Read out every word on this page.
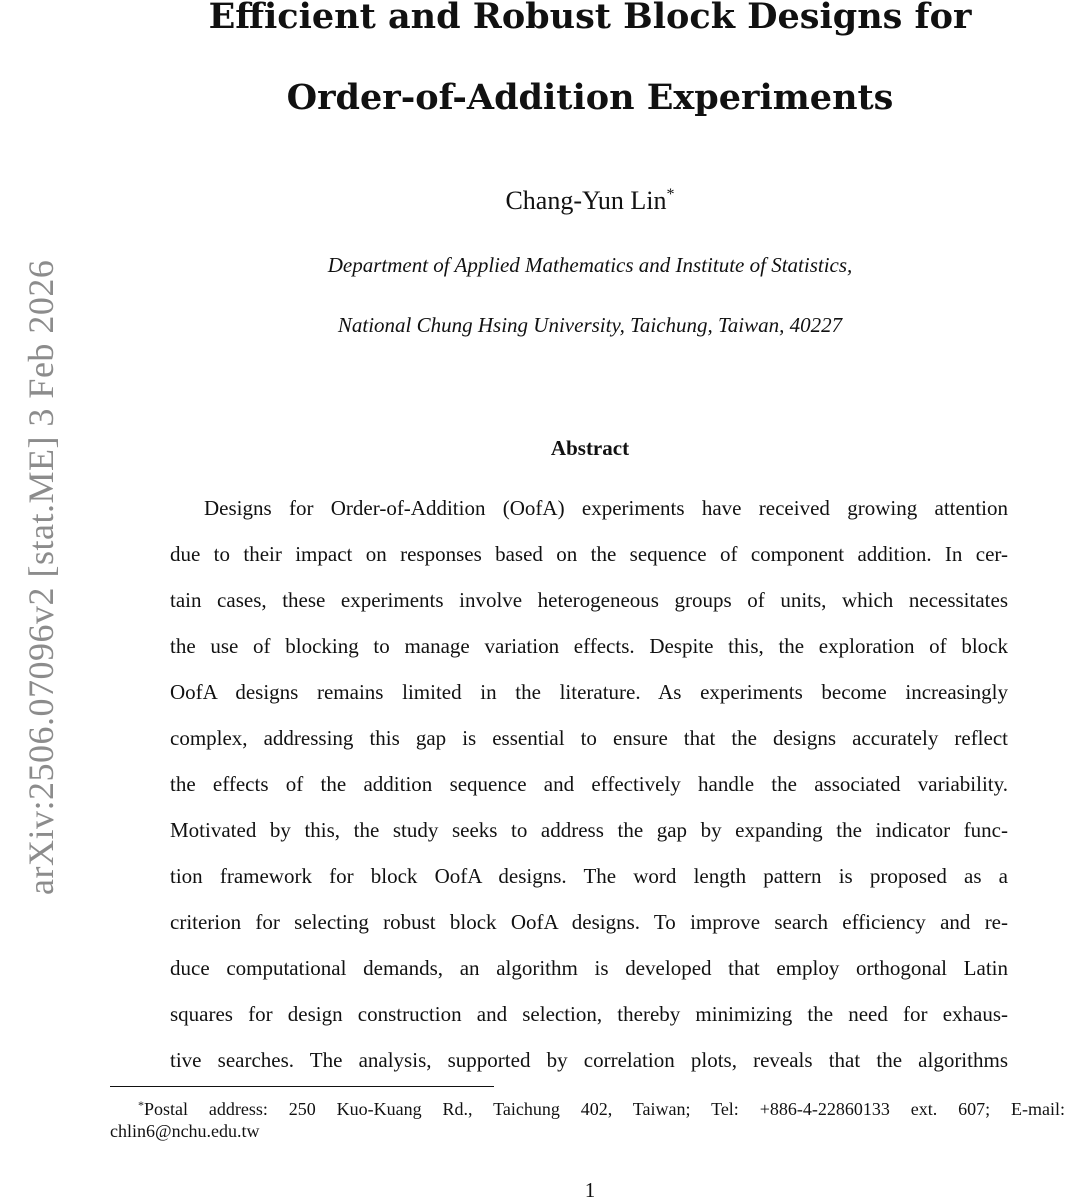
arXiv:2506.07096v2 [stat.ME] 3 Feb 2026
Efficient and Robust Block Designs for
Order-of-Addition Experiments
Chang-Yun Lin*
Department of Applied Mathematics and Institute of Statistics,
National Chung Hsing University, Taichung, Taiwan, 40227
Abstract
Designs for Order-of-Addition (OofA) experiments have received growing attention
due to their impact on responses based on the sequence of component addition. In cer-
tain cases, these experiments involve heterogeneous groups of units, which necessitates
the use of blocking to manage variation effects. Despite this, the exploration of block
OofA designs remains limited in the literature. As experiments become increasingly
complex, addressing this gap is essential to ensure that the designs accurately reflect
the effects of the addition sequence and effectively handle the associated variability.
Motivated by this, the study seeks to address the gap by expanding the indicator func-
tion framework for block OofA designs. The word length pattern is proposed as a
criterion for selecting robust block OofA designs. To improve search efficiency and re-
duce computational demands, an algorithm is developed that employ orthogonal Latin
squares for design construction and selection, thereby minimizing the need for exhaus-
tive searches. The analysis, supported by correlation plots, reveals that the algorithms
*Postal address: 250 Kuo-Kuang Rd., Taichung 402, Taiwan; Tel: +886-4-22860133 ext. 607; E-mail:
chlin6@nchu.edu.tw
1
